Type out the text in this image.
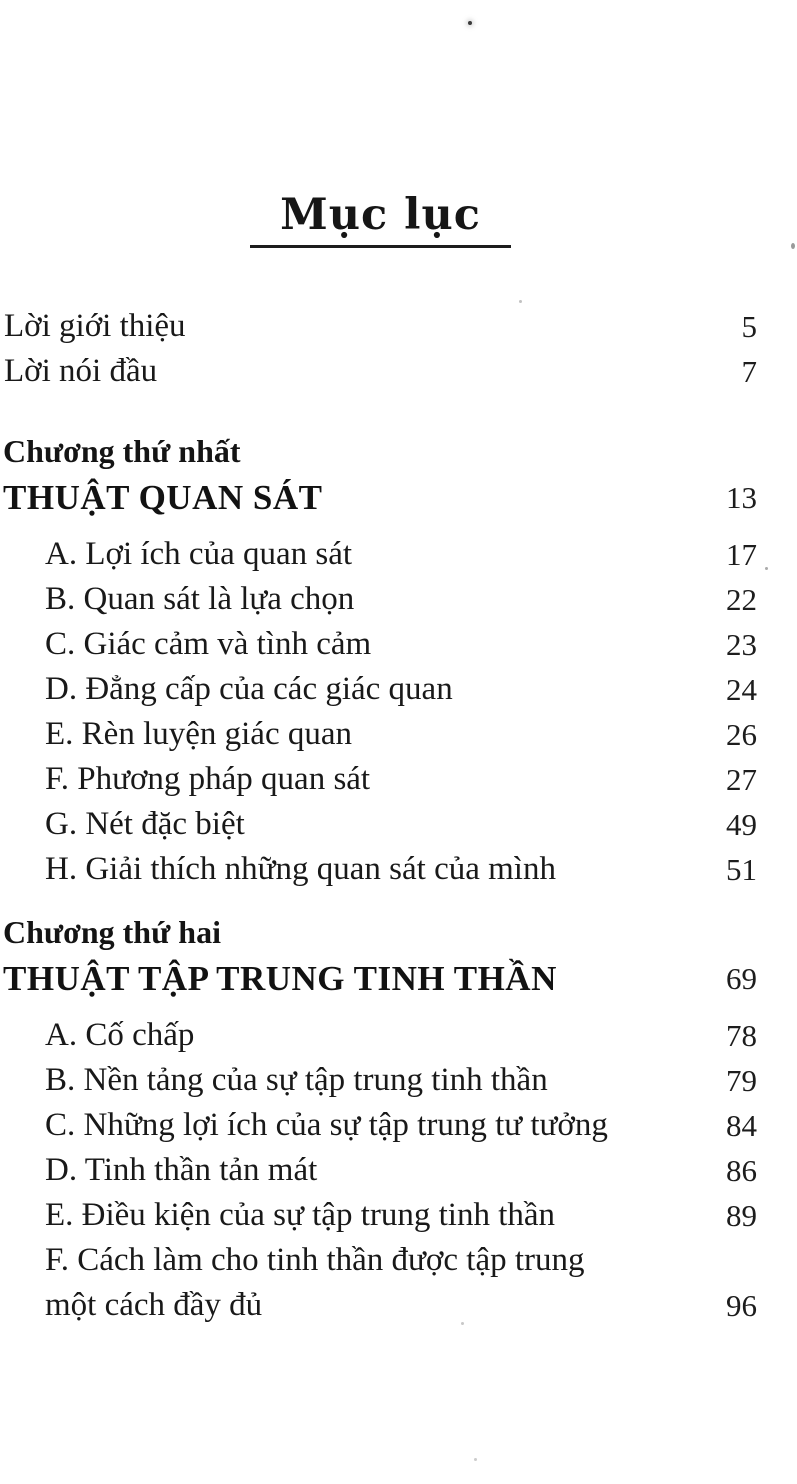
Mục lục
Lời giới thiệu	5
Lời nói đầu	7
Chương thứ nhất
THUẬT QUAN SÁT	13
A. Lợi ích của quan sát	17
B. Quan sát là lựa chọn	22
C. Giác cảm và tình cảm	23
D. Đẳng cấp của các giác quan	24
E. Rèn luyện giác quan	26
F. Phương pháp quan sát	27
G. Nét đặc biệt	49
H. Giải thích những quan sát của mình	51
Chương thứ hai
THUẬT TẬP TRUNG TINH THẦN	69
A. Cố chấp	78
B. Nền tảng của sự tập trung tinh thần	79
C. Những lợi ích của sự tập trung tư tưởng	84
D. Tinh thần tản mát	86
E. Điều kiện của sự tập trung tinh thần	89
F. Cách làm cho tinh thần được tập trung
một cách đầy đủ	96
